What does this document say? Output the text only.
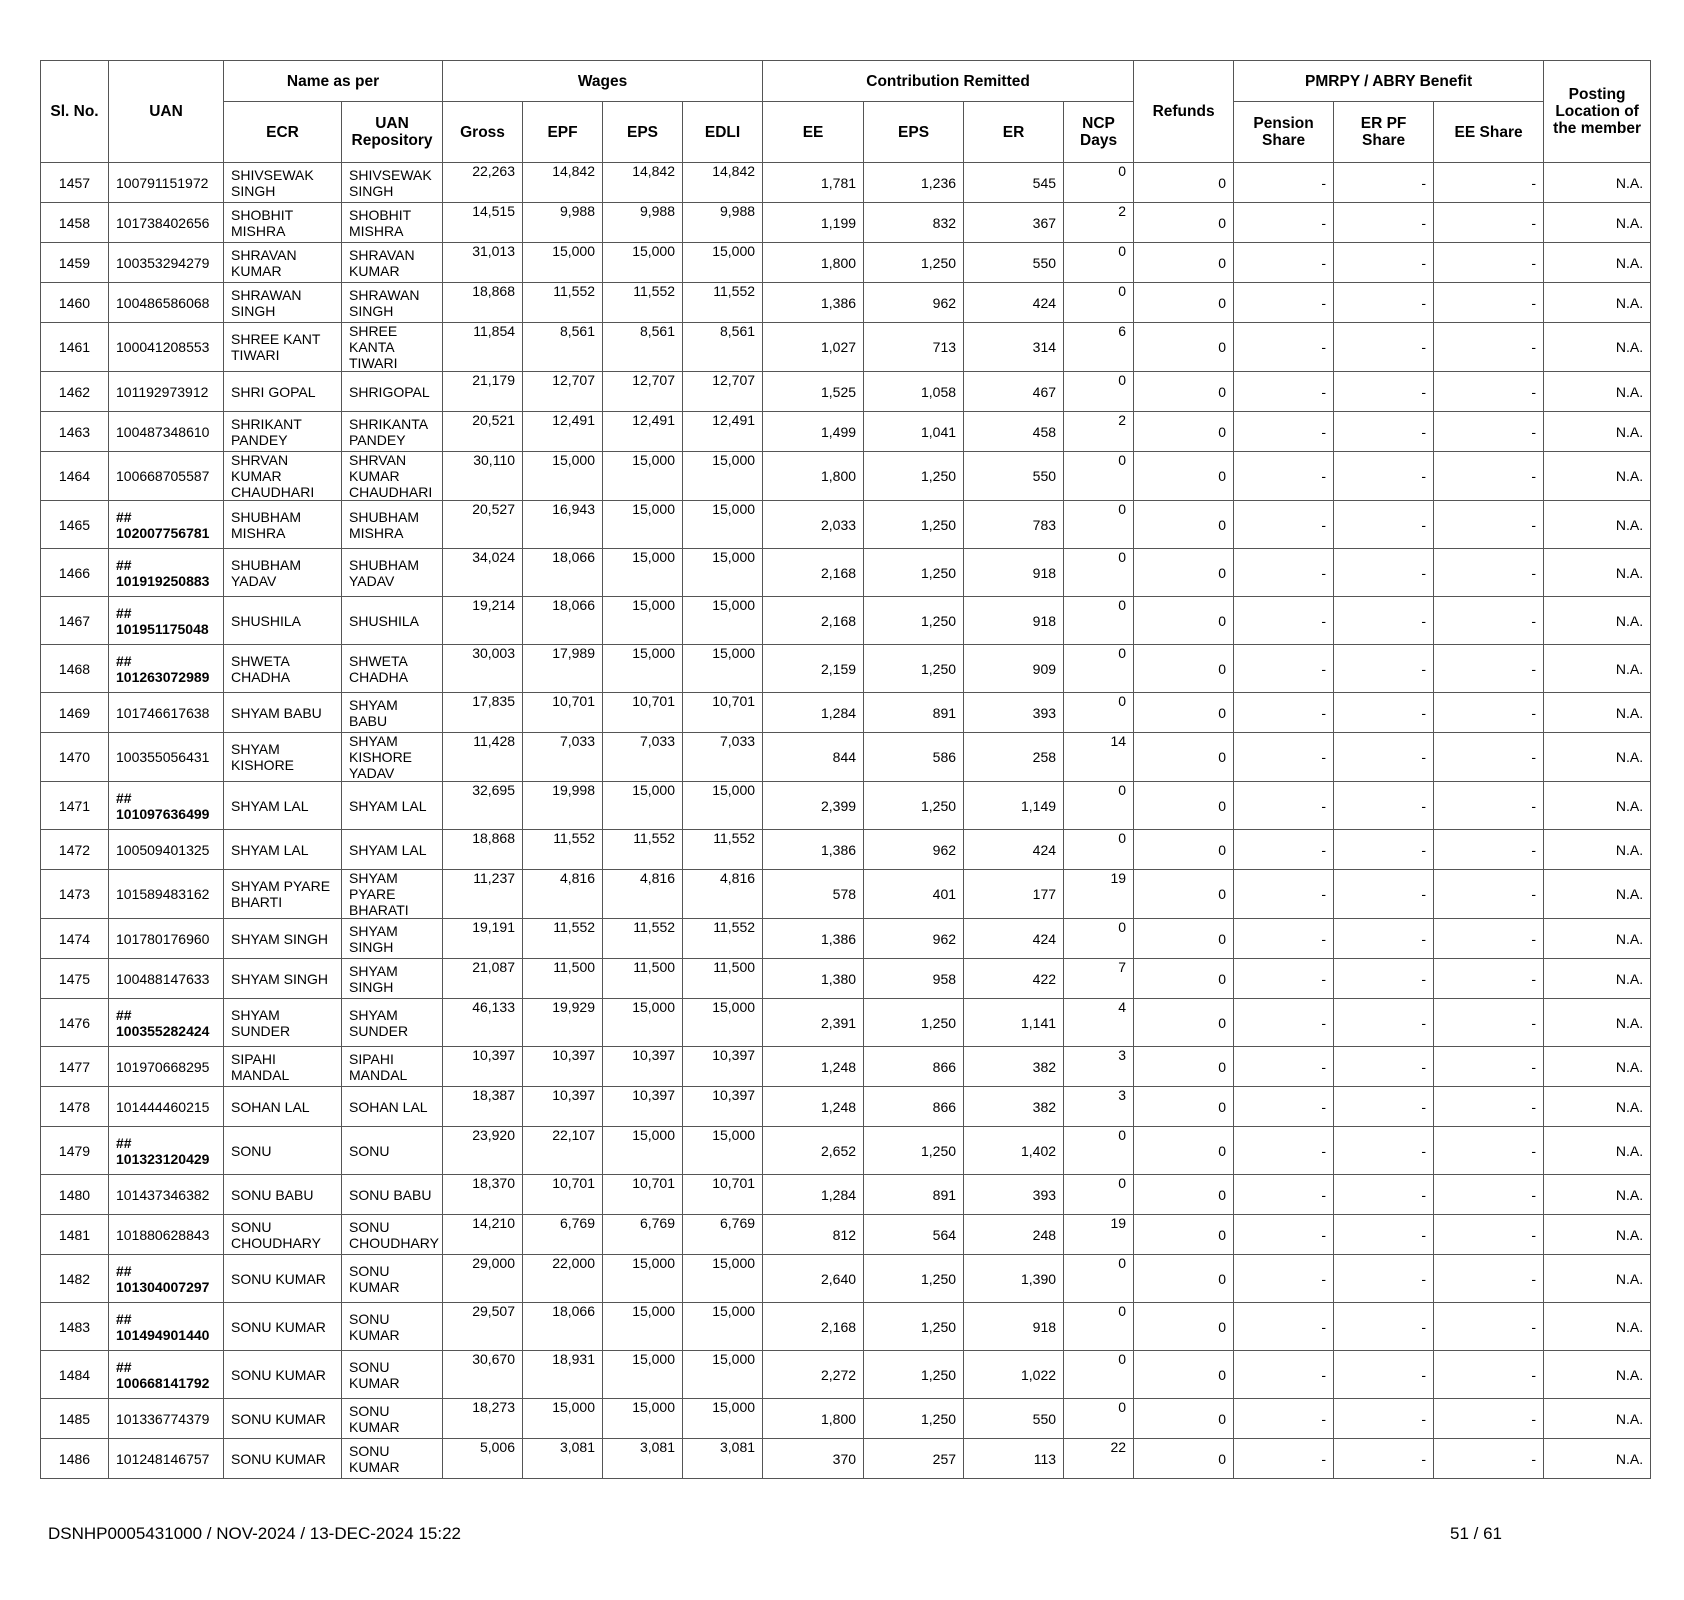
Sl. No.	UAN	Name as per		Wages				Contribution Remitted				Refunds	PMRPY / ABRY Benefit			Posting Location of the member
		ECR	UAN Repository	Gross	EPF	EPS	EDLI	EE	EPS	ER	NCP Days		Pension Share	ER PF Share	EE Share	
1457	100791151972	SHIVSEWAK SINGH	SHIVSEWAK SINGH	22,263	14,842	14,842	14,842	1,781	1,236	545	0	0	-	-	-	N.A.
1458	101738402656	SHOBHIT MISHRA	SHOBHIT MISHRA	14,515	9,988	9,988	9,988	1,199	832	367	2	0	-	-	-	N.A.
1459	100353294279	SHRAVAN KUMAR	SHRAVAN KUMAR	31,013	15,000	15,000	15,000	1,800	1,250	550	0	0	-	-	-	N.A.
1460	100486586068	SHRAWAN SINGH	SHRAWAN SINGH	18,868	11,552	11,552	11,552	1,386	962	424	0	0	-	-	-	N.A.
1461	100041208553	SHREE KANT TIWARI	SHREE KANTA TIWARI	11,854	8,561	8,561	8,561	1,027	713	314	6	0	-	-	-	N.A.
1462	101192973912	SHRI GOPAL	SHRIGOPAL	21,179	12,707	12,707	12,707	1,525	1,058	467	0	0	-	-	-	N.A.
1463	100487348610	SHRIKANT PANDEY	SHRIKANTA PANDEY	20,521	12,491	12,491	12,491	1,499	1,041	458	2	0	-	-	-	N.A.
1464	100668705587	SHRVAN KUMAR CHAUDHARI	SHRVAN KUMAR CHAUDHARI	30,110	15,000	15,000	15,000	1,800	1,250	550	0	0	-	-	-	N.A.
1465	## 102007756781	SHUBHAM MISHRA	SHUBHAM MISHRA	20,527	16,943	15,000	15,000	2,033	1,250	783	0	0	-	-	-	N.A.
1466	## 101919250883	SHUBHAM YADAV	SHUBHAM YADAV	34,024	18,066	15,000	15,000	2,168	1,250	918	0	0	-	-	-	N.A.
1467	## 101951175048	SHUSHILA	SHUSHILA	19,214	18,066	15,000	15,000	2,168	1,250	918	0	0	-	-	-	N.A.
1468	## 101263072989	SHWETA CHADHA	SHWETA CHADHA	30,003	17,989	15,000	15,000	2,159	1,250	909	0	0	-	-	-	N.A.
1469	101746617638	SHYAM BABU	SHYAM BABU	17,835	10,701	10,701	10,701	1,284	891	393	0	0	-	-	-	N.A.
1470	100355056431	SHYAM KISHORE	SHYAM KISHORE YADAV	11,428	7,033	7,033	7,033	844	586	258	14	0	-	-	-	N.A.
1471	## 101097636499	SHYAM LAL	SHYAM LAL	32,695	19,998	15,000	15,000	2,399	1,250	1,149	0	0	-	-	-	N.A.
1472	100509401325	SHYAM LAL	SHYAM LAL	18,868	11,552	11,552	11,552	1,386	962	424	0	0	-	-	-	N.A.
1473	101589483162	SHYAM PYARE BHARTI	SHYAM PYARE BHARATI	11,237	4,816	4,816	4,816	578	401	177	19	0	-	-	-	N.A.
1474	101780176960	SHYAM SINGH	SHYAM SINGH	19,191	11,552	11,552	11,552	1,386	962	424	0	0	-	-	-	N.A.
1475	100488147633	SHYAM SINGH	SHYAM SINGH	21,087	11,500	11,500	11,500	1,380	958	422	7	0	-	-	-	N.A.
1476	## 100355282424	SHYAM SUNDER	SHYAM SUNDER	46,133	19,929	15,000	15,000	2,391	1,250	1,141	4	0	-	-	-	N.A.
1477	101970668295	SIPAHI MANDAL	SIPAHI MANDAL	10,397	10,397	10,397	10,397	1,248	866	382	3	0	-	-	-	N.A.
1478	101444460215	SOHAN LAL	SOHAN LAL	18,387	10,397	10,397	10,397	1,248	866	382	3	0	-	-	-	N.A.
1479	## 101323120429	SONU	SONU	23,920	22,107	15,000	15,000	2,652	1,250	1,402	0	0	-	-	-	N.A.
1480	101437346382	SONU BABU	SONU BABU	18,370	10,701	10,701	10,701	1,284	891	393	0	0	-	-	-	N.A.
1481	101880628843	SONU CHOUDHARY	SONU CHOUDHARY	14,210	6,769	6,769	6,769	812	564	248	19	0	-	-	-	N.A.
1482	## 101304007297	SONU KUMAR	SONU KUMAR	29,000	22,000	15,000	15,000	2,640	1,250	1,390	0	0	-	-	-	N.A.
1483	## 101494901440	SONU KUMAR	SONU KUMAR	29,507	18,066	15,000	15,000	2,168	1,250	918	0	0	-	-	-	N.A.
1484	## 100668141792	SONU KUMAR	SONU KUMAR	30,670	18,931	15,000	15,000	2,272	1,250	1,022	0	0	-	-	-	N.A.
1485	101336774379	SONU KUMAR	SONU KUMAR	18,273	15,000	15,000	15,000	1,800	1,250	550	0	0	-	-	-	N.A.
1486	101248146757	SONU KUMAR	SONU KUMAR	5,006	3,081	3,081	3,081	370	257	113	22	0	-	-	-	N.A.
DSNHP0005431000 / NOV-2024 / 13-DEC-2024 15:22	51 / 61
